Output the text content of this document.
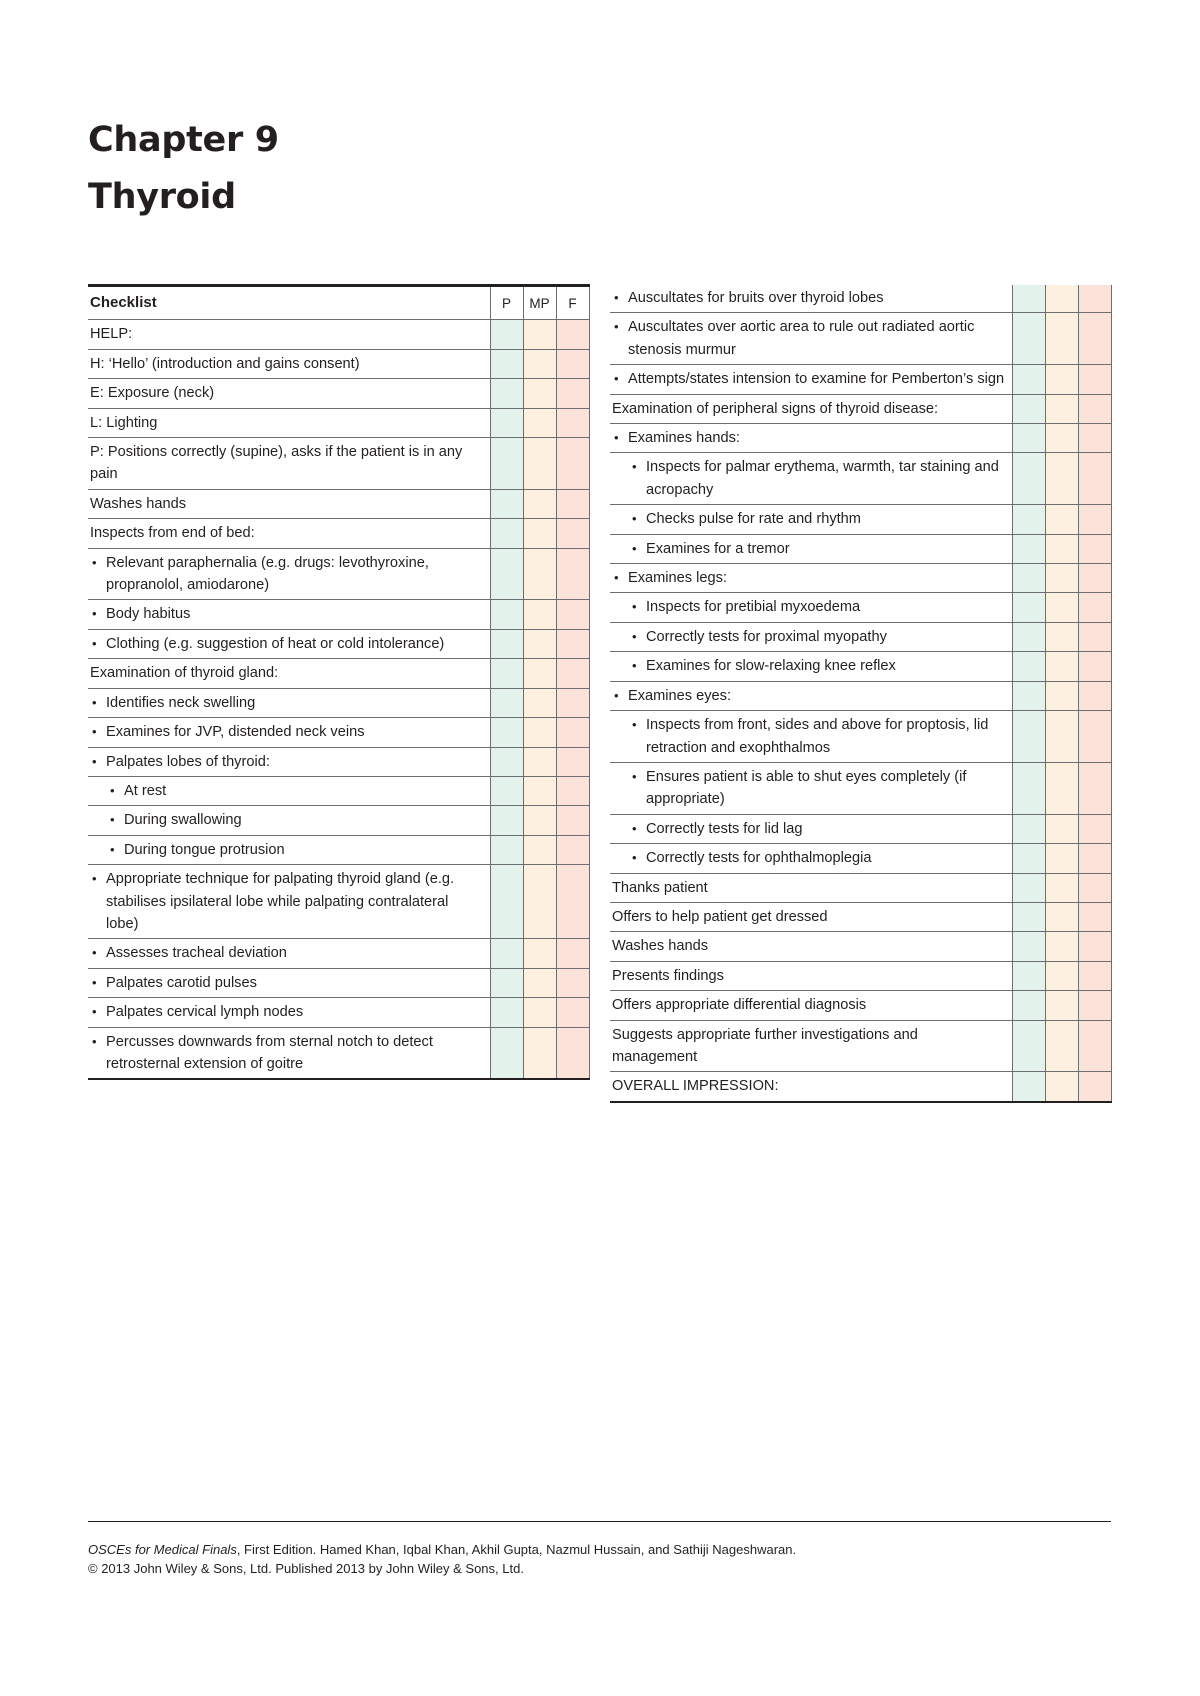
Chapter 9
Thyroid
Checklist	P	MP	F
HELP:			
H: ‘Hello’ (introduction and gains consent)			
E: Exposure (neck)			
L: Lighting			
P: Positions correctly (supine), asks if the patient is in any pain			
Washes hands			
Inspects from end of bed:			

• Relevant paraphernalia (e.g. drugs: levothyroxine, propranolol, amiodarone)

• Body habitus

• Clothing (e.g. suggestion of heat or cold intolerance)

Examination of thyroid gland:			

• Identifies neck swelling

• Examines for JVP, distended neck veins

• Palpates lobes of thyroid:

• At rest

• During swallowing

• During tongue protrusion

• Appropriate technique for palpating thyroid gland (e.g. stabilises ipsilateral lobe while palpating contralateral lobe)

• Assesses tracheal deviation

• Palpates carotid pulses

• Palpates cervical lymph nodes

• Percusses downwards from sternal notch to detect retrosternal extension of goitre

• Auscultates for bruits over thyroid lobes

• Auscultates over aortic area to rule out radiated aortic stenosis murmur

• Attempts/states intension to examine for Pemberton’s sign

Examination of peripheral signs of thyroid disease:			

• Examines hands:

• Inspects for palmar erythema, warmth, tar staining and acropachy

• Checks pulse for rate and rhythm

• Examines for a tremor

• Examines legs:

• Inspects for pretibial myxoedema

• Correctly tests for proximal myopathy

• Examines for slow-relaxing knee reflex

• Examines eyes:

• Inspects from front, sides and above for proptosis, lid retraction and exophthalmos

• Ensures patient is able to shut eyes completely (if appropriate)

• Correctly tests for lid lag

• Correctly tests for ophthalmoplegia

Thanks patient			
Offers to help patient get dressed			
Washes hands			
Presents findings			
Offers appropriate differential diagnosis			
Suggests appropriate further investigations and management			
OVERALL IMPRESSION:			
OSCEs for Medical Finals, First Edition. Hamed Khan, Iqbal Khan, Akhil Gupta, Nazmul Hussain, and Sathiji Nageshwaran.
© 2013 John Wiley & Sons, Ltd. Published 2013 by John Wiley & Sons, Ltd.
